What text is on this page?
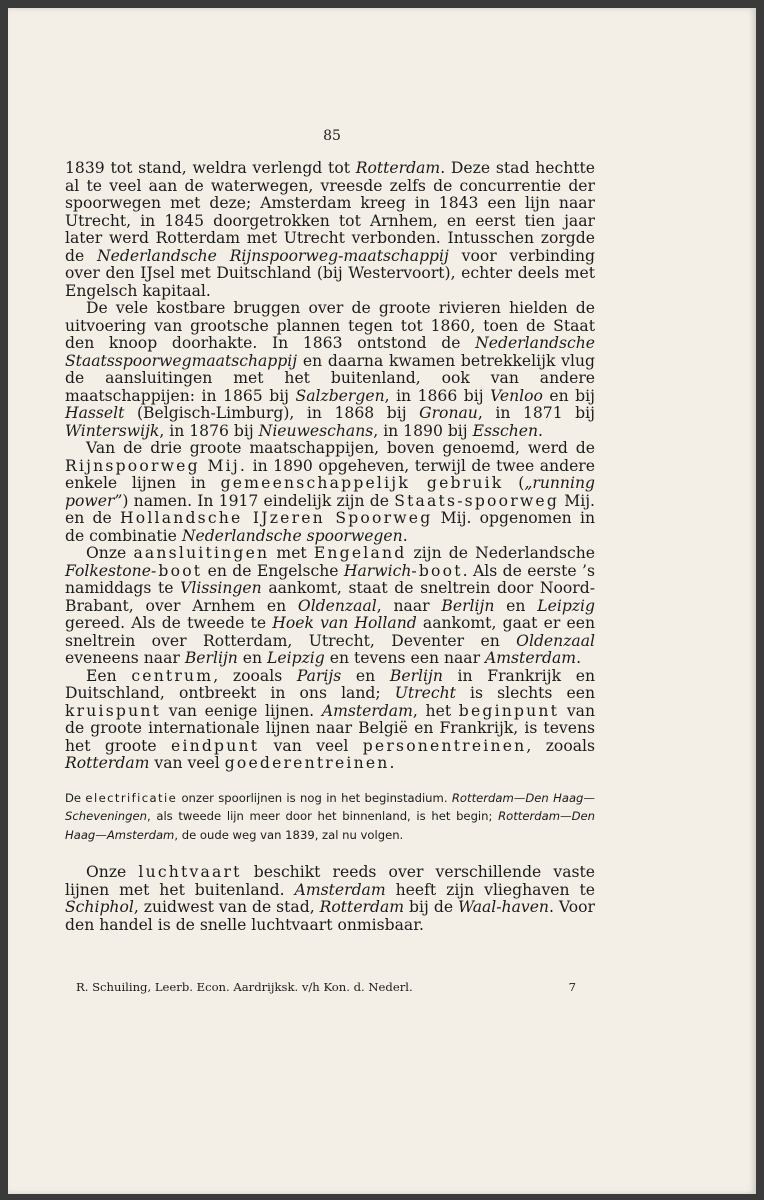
85

1839 tot stand, weldra verlengd tot Rotterdam. Deze stad hechtte al te veel aan de waterwegen, vreesde zelfs de concurrentie der spoorwegen met deze; Amsterdam kreeg in 1843 een lijn naar Utrecht, in 1845 doorgetrokken tot Arnhem, en eerst tien jaar later werd Rotterdam met Utrecht verbonden. Intusschen zorgde de Nederlandsche Rijnspoorweg-maatschappij voor verbinding over den IJsel met Duitschland (bij Westervoort), echter deels met Engelsch kapitaal.

De vele kostbare bruggen over de groote rivieren hielden de uitvoering van grootsche plannen tegen tot 1860, toen de Staat den knoop doorhakte. In 1863 ontstond de Nederlandsche Staatsspoorwegmaatschappij en daarna kwamen betrekkelijk vlug de aansluitingen met het buitenland, ook van andere maatschappijen: in 1865 bij Salzbergen, in 1866 bij Venloo en bij Hasselt (Belgisch-Limburg), in 1868 bij Gronau, in 1871 bij Winterswijk, in 1876 bij Nieuweschans, in 1890 bij Esschen.

Van de drie groote maatschappijen, boven genoemd, werd de Rijnspoorweg Mij. in 1890 opgeheven, terwijl de twee andere enkele lijnen in gemeenschappelijk gebruik („running power”) namen. In 1917 eindelijk zijn de Staats-spoorweg Mij. en de Hollandsche IJzeren Spoorweg Mij. opgenomen in de combinatie Nederlandsche spoorwegen.

Onze aansluitingen met Engeland zijn de Nederlandsche Folkestone-boot en de Engelsche Harwich-boot. Als de eerste ’s namiddags te Vlissingen aankomt, staat de sneltrein door Noord-Brabant, over Arnhem en Oldenzaal, naar Berlijn en Leipzig gereed. Als de tweede te Hoek van Holland aankomt, gaat er een sneltrein over Rotterdam, Utrecht, Deventer en Oldenzaal eveneens naar Berlijn en Leipzig en tevens een naar Amsterdam.

Een centrum, zooals Parijs en Berlijn in Frankrijk en Duitschland, ontbreekt in ons land; Utrecht is slechts een kruispunt van eenige lijnen. Amsterdam, het beginpunt van de groote internationale lijnen naar België en Frankrijk, is tevens het groote eindpunt van veel personentreinen, zooals Rotterdam van veel goederentreinen.

De electrificatie onzer spoorlijnen is nog in het beginstadium. Rotterdam—Den Haag—Scheveningen, als tweede lijn meer door het binnenland, is het begin; Rotterdam—Den Haag—Amsterdam, de oude weg van 1839, zal nu volgen.

Onze luchtvaart beschikt reeds over verschillende vaste lijnen met het buitenland. Amsterdam heeft zijn vlieghaven te Schiphol, zuidwest van de stad, Rotterdam bij de Waal-haven. Voor den handel is de snelle luchtvaart onmisbaar.

R. Schuiling, Leerb. Econ. Aardrijksk. v/h Kon. d. Nederl.	7
